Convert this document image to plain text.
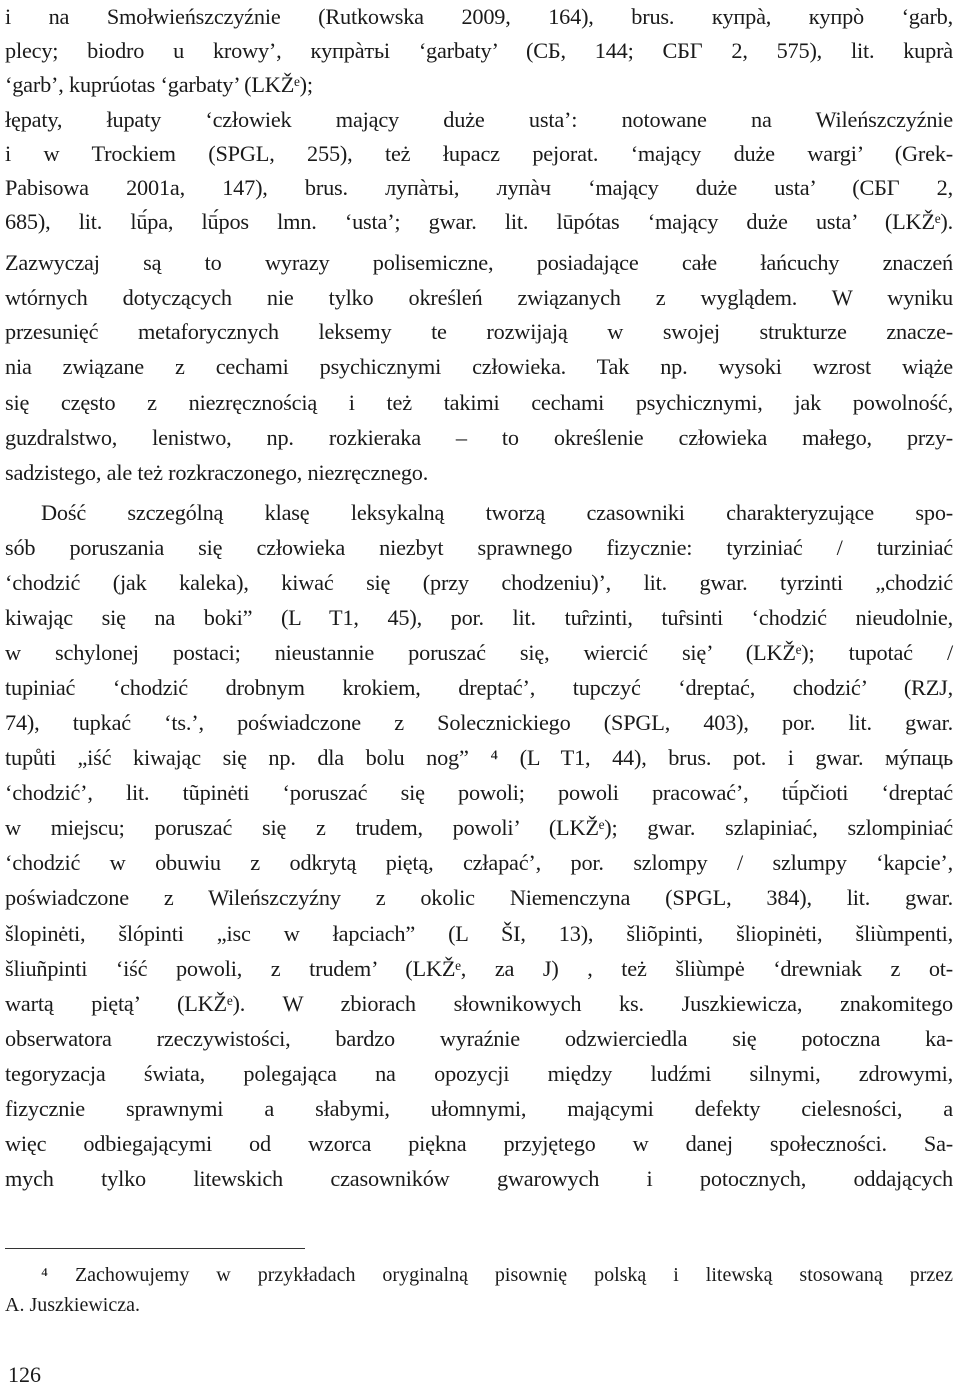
i na Smołwieńszczyźnie (Rutkowska 2009, 164), brus. кyпрà, кyпрò ‘garb,
plecy; biodro u krowy’, кyпрàтьі ‘garbaty’ (СБ, 144; СБГ 2, 575), lit. kuprà
‘garb’, kuprúotas ‘garbaty’ (LKŽᵉ);
łępaty, łupaty ‘człowiek mający duże usta’: notowane na Wileńszczyźnie
i w Trockiem (SPGL, 255), też łupacz pejorat. ‘mający duże wargi’ (Grek-
Pabisowa 2001a, 147), brus. лyпàтьі, лyпàч ‘mający duże usta’ (СБГ 2,
685), lit. lū́pa, lū́pos lmn. ‘usta’; gwar. lit. lūpótas ‘mający duże usta’ (LKŽᵉ).
Zazwyczaj są to wyrazy polisemiczne, posiadające całe łańcuchy znaczeń
wtórnych dotyczących nie tylko określeń związanych z wyglądem. W wyniku
przesunięć metaforycznych leksemy te rozwijają w swojej strukturze znacze-
nia związane z cechami psychicznymi człowieka. Tak np. wysoki wzrost wiąże
się często z niezręcznością i też takimi cechami psychicznymi, jak powolność,
guzdralstwo, lenistwo, np. rozkieraka – to określenie człowieka małego, przy-
sadzistego, ale też rozkraczonego, niezręcznego.
Dość szczególną klasę leksykalną tworzą czasowniki charakteryzujące spo-
sób poruszania się człowieka niezbyt sprawnego fizycznie: tyrziniać / turziniać
‘chodzić (jak kaleka), kiwać się (przy chodzeniu)’, lit. gwar. tyrzinti „chodzić
kiwając się na boki” (L T1, 45), por. lit. tuȓzinti, tuȓsinti ‘chodzić nieudolnie,
w schylonej postaci; nieustannie poruszać się, wiercić się’ (LKŽᵉ); tupotać /
tupiniać ‘chodzić drobnym krokiem, dreptać’, tupczyć ‘dreptać, chodzić’ (RZJ,
74), tupkać ‘ts.’, poświadczone z Solecznickiego (SPGL, 403), por. lit. gwar.
tupůti „iść kiwając się np. dla bolu nog” ⁴ (L T1, 44), brus. pot. i gwar. мýпаць
‘chodzić’, lit. tũpinėti ‘poruszać się powoli; powoli pracować’, tū́pčioti ‘dreptać
w miejscu; poruszać się z trudem, powoli’ (LKŽᵉ); gwar. szlapiniać, szlompiniać
‘chodzić w obuwiu z odkrytą piętą, człapać’, por. szlompy / szlumpy ‘kapcie’,
poświadczone z Wileńszczyźny z okolic Niemenczyna (SPGL, 384), lit. gwar.
šlopinėti, šlópinti „isc w łapciach” (L ŠI, 13), šliõpinti, šliopinėti, šliùmpenti,
šliuñpinti ‘iść powoli, z trudem’ (LKŽᵉ, za J) , też šliùmpė ‘drewniak z ot-
wartą piętą’ (LKŽᵉ). W zbiorach słownikowych ks. Juszkiewicza, znakomitego
obserwatora rzeczywistości, bardzo wyraźnie odzwierciedla się potoczna ka-
tegoryzacja świata, polegająca na opozycji między ludźmi silnymi, zdrowymi,
fizycznie sprawnymi a słabymi, ułomnymi, mającymi defekty cielesności, a
więc odbiegającymi od wzorca piękna przyjętego w danej społeczności. Sa-
mych tylko litewskich czasowników gwarowych i potocznych, oddających
⁴ Zachowujemy w przykładach oryginalną pisownię polską i litewską stosowaną przez
A. Juszkiewicza.
126
